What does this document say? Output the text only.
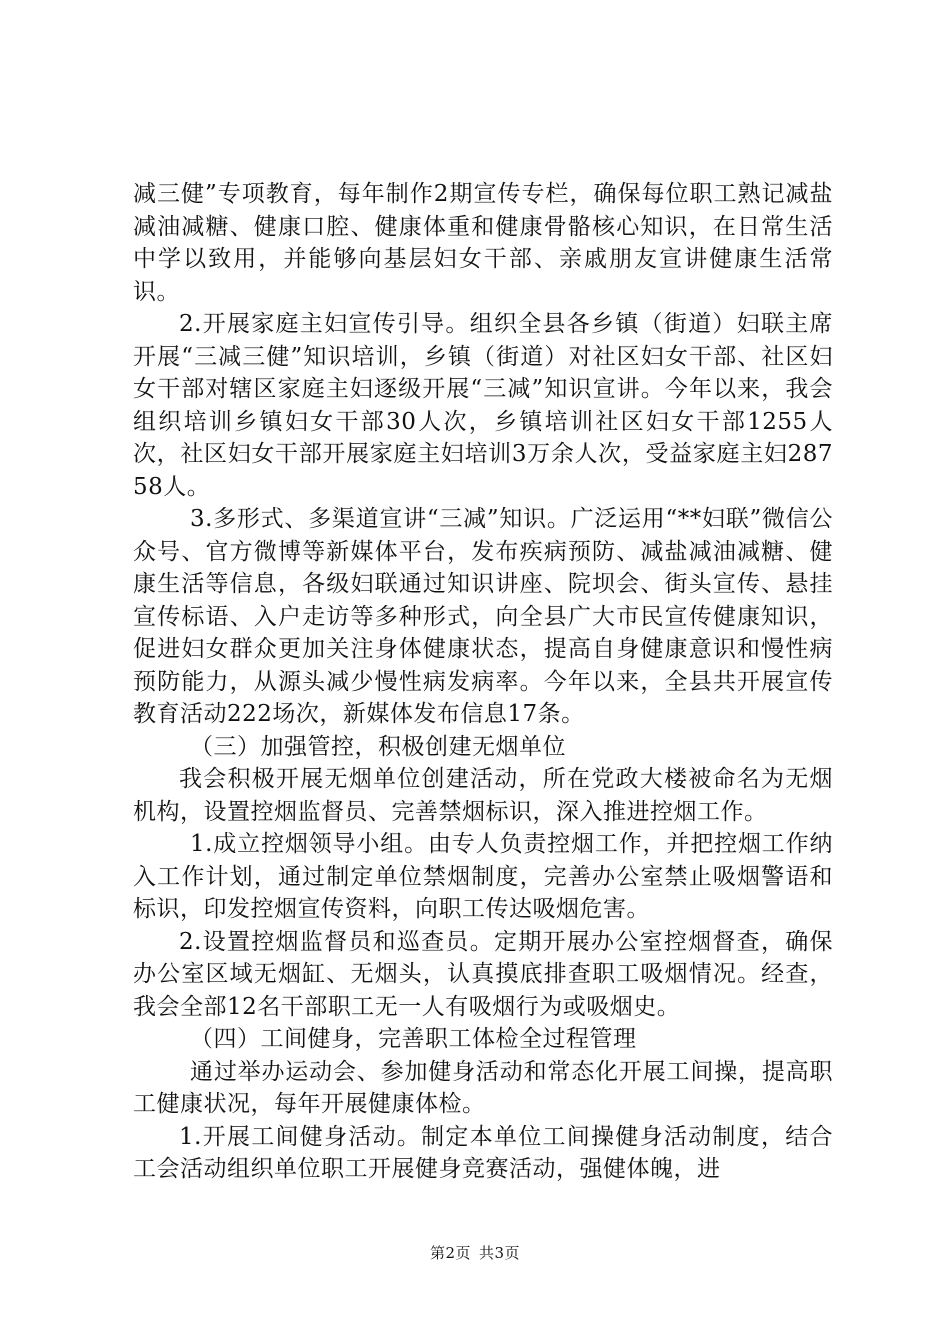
减三健”专项教育，每年制作2期宣传专栏，确保每位职工熟记减盐减油减糖、健康口腔、健康体重和健康骨骼核心知识，在日常生活中学以致用，并能够向基层妇女干部、亲戚朋友宣讲健康生活常识。

2.开展家庭主妇宣传引导。组织全县各乡镇（街道）妇联主席开展“三减三健”知识培训，乡镇（街道）对社区妇女干部、社区妇女干部对辖区家庭主妇逐级开展“三减”知识宣讲。今年以来，我会组织培训乡镇妇女干部30人次，乡镇培训社区妇女干部1255人次，社区妇女干部开展家庭主妇培训3万余人次，受益家庭主妇28758人。

3.多形式、多渠道宣讲“三减”知识。广泛运用“**妇联”微信公众号、官方微博等新媒体平台，发布疾病预防、减盐减油减糖、健康生活等信息，各级妇联通过知识讲座、院坝会、街头宣传、悬挂宣传标语、入户走访等多种形式，向全县广大市民宣传健康知识，促进妇女群众更加关注身体健康状态，提高自身健康意识和慢性病预防能力，从源头减少慢性病发病率。今年以来，全县共开展宣传教育活动222场次，新媒体发布信息17条。

（三）加强管控，积极创建无烟单位

我会积极开展无烟单位创建活动，所在党政大楼被命名为无烟机构，设置控烟监督员、完善禁烟标识，深入推进控烟工作。

1.成立控烟领导小组。由专人负责控烟工作，并把控烟工作纳入工作计划，通过制定单位禁烟制度，完善办公室禁止吸烟警语和标识，印发控烟宣传资料，向职工传达吸烟危害。

2.设置控烟监督员和巡查员。定期开展办公室控烟督查，确保办公室区域无烟缸、无烟头，认真摸底排查职工吸烟情况。经查，我会全部12名干部职工无一人有吸烟行为或吸烟史。

（四）工间健身，完善职工体检全过程管理

通过举办运动会、参加健身活动和常态化开展工间操，提高职工健康状况，每年开展健康体检。

1.开展工间健身活动。制定本单位工间操健身活动制度，结合工会活动组织单位职工开展健身竞赛活动，强健体魄，进

第2页 共3页
